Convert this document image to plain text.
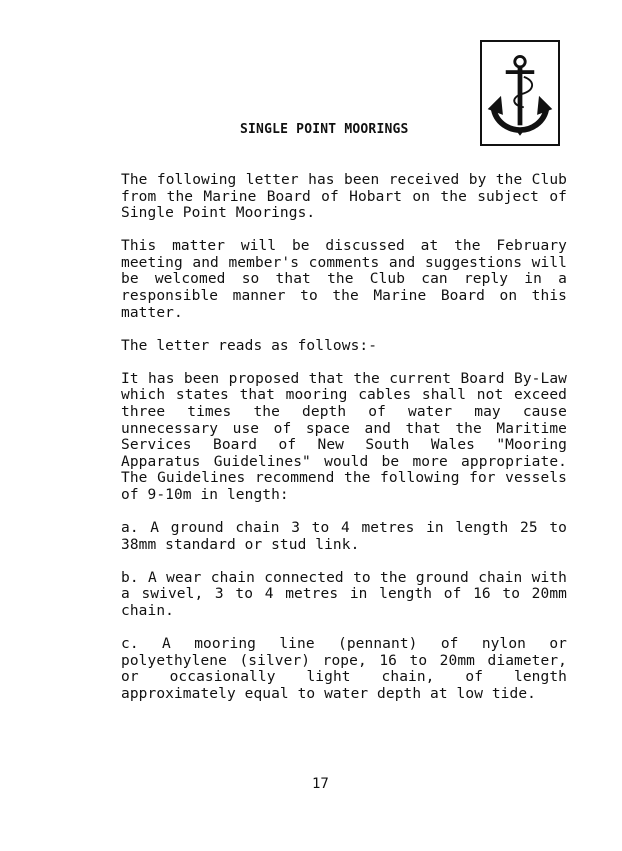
SINGLE POINT MOORINGS

The following letter has been received by the Club from the Marine Board of Hobart on the subject of Single Point Moorings.

This matter will be discussed at the February meeting and member's comments and suggestions will be welcomed so that the Club can reply in a responsible manner to the Marine Board on this matter.

The letter reads as follows:-

It has been proposed that the current Board By-Law which states that mooring cables shall not exceed three times the depth of water may cause unnecessary use of space and that the Maritime Services Board of New South Wales "Mooring Apparatus Guidelines" would be more appropriate. The Guidelines recommend the following for vessels of 9-10m in length:

a. A ground chain 3 to 4 metres in length 25 to 38mm standard or stud link.

b. A wear chain connected to the ground chain with a swivel, 3 to 4 metres in length of 16 to 20mm chain.

c. A mooring line (pennant) of nylon or polyethylene (silver) rope, 16 to 20mm diameter, or occasionally light chain, of length approximately equal to water depth at low tide.

17
